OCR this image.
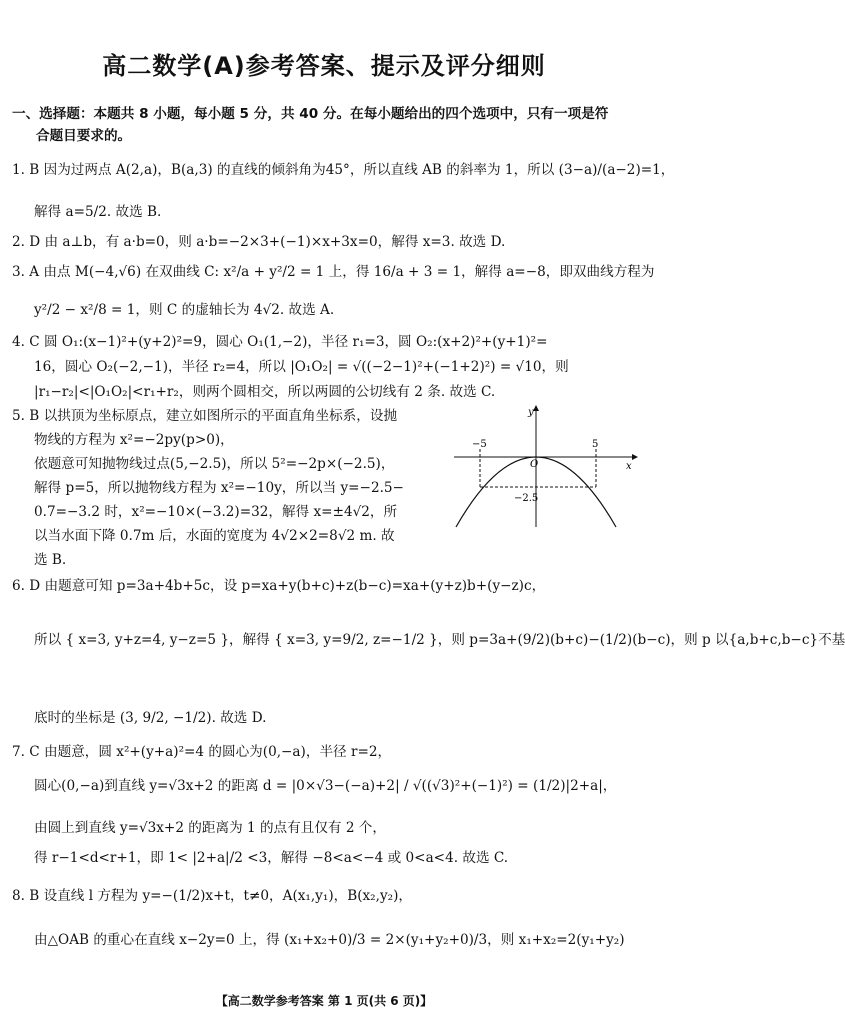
高二数学(A)参考答案、提示及评分细则
一、选择题：本题共 8 小题，每小题 5 分，共 40 分。在每小题给出的四个选项中，只有一项是符
合题目要求的。
1. B 因为过两点 A(2,a)，B(a,3) 的直线的倾斜角为45°，所以直线 AB 的斜率为 1，所以 (3−a)/(a−2)=1，
解得 a=5/2. 故选 B.
2. D 由 a⊥b，有 a·b=0，则 a·b=−2×3+(−1)×x+3x=0，解得 x=3. 故选 D.
3. A 由点 M(−4,√6) 在双曲线 C: x²/a + y²/2 = 1 上，得 16/a + 3 = 1，解得 a=−8，即双曲线方程为
y²/2 − x²/8 = 1，则 C 的虚轴长为 4√2. 故选 A.
4. C 圆 O₁:(x−1)²+(y+2)²=9，圆心 O₁(1,−2)，半径 r₁=3，圆 O₂:(x+2)²+(y+1)²=
16，圆心 O₂(−2,−1)，半径 r₂=4，所以 |O₁O₂| = √((−2−1)²+(−1+2)²) = √10，则
|r₁−r₂|<|O₁O₂|<r₁+r₂，则两个圆相交，所以两圆的公切线有 2 条. 故选 C.
5. B 以拱顶为坐标原点，建立如图所示的平面直角坐标系，设抛
物线的方程为 x²=−2py(p>0)，
依题意可知抛物线过点(5,−2.5)，所以 5²=−2p×(−2.5)，
解得 p=5，所以抛物线方程为 x²=−10y，所以当 y=−2.5−
0.7=−3.2 时，x²=−10×(−3.2)=32，解得 x=±4√2，所
以当水面下降 0.7m 后，水面的宽度为 4√2×2=8√2 m. 故
选 B.
6. D 由题意可知 p=3a+4b+5c，设 p=xa+y(b+c)+z(b−c)=xa+(y+z)b+(y−z)c，
所以 { x=3, y+z=4, y−z=5 }，解得 { x=3, y=9/2, z=−1/2 }，则 p=3a+(9/2)(b+c)−(1/2)(b−c)，则 p 以{a,b+c,b−c}不基
底时的坐标是 (3, 9/2, −1/2). 故选 D.
7. C 由题意，圆 x²+(y+a)²=4 的圆心为(0,−a)，半径 r=2，
圆心(0,−a)到直线 y=√3x+2 的距离 d = |0×√3−(−a)+2| / √((√3)²+(−1)²) = (1/2)|2+a|，
由圆上到直线 y=√3x+2 的距离为 1 的点有且仅有 2 个，
得 r−1<d<r+1，即 1< |2+a|/2 <3，解得 −8<a<−4 或 0<a<4. 故选 C.
8. B 设直线 l 方程为 y=−(1/2)x+t，t≠0，A(x₁,y₁)，B(x₂,y₂)，
由△OAB 的重心在直线 x−2y=0 上，得 (x₁+x₂+0)/3 = 2×(y₁+y₂+0)/3，则 x₁+x₂=2(y₁+y₂)
−5	5
O
−2.5
x
y
【高二数学参考答案 第 1 页(共 6 页)】
